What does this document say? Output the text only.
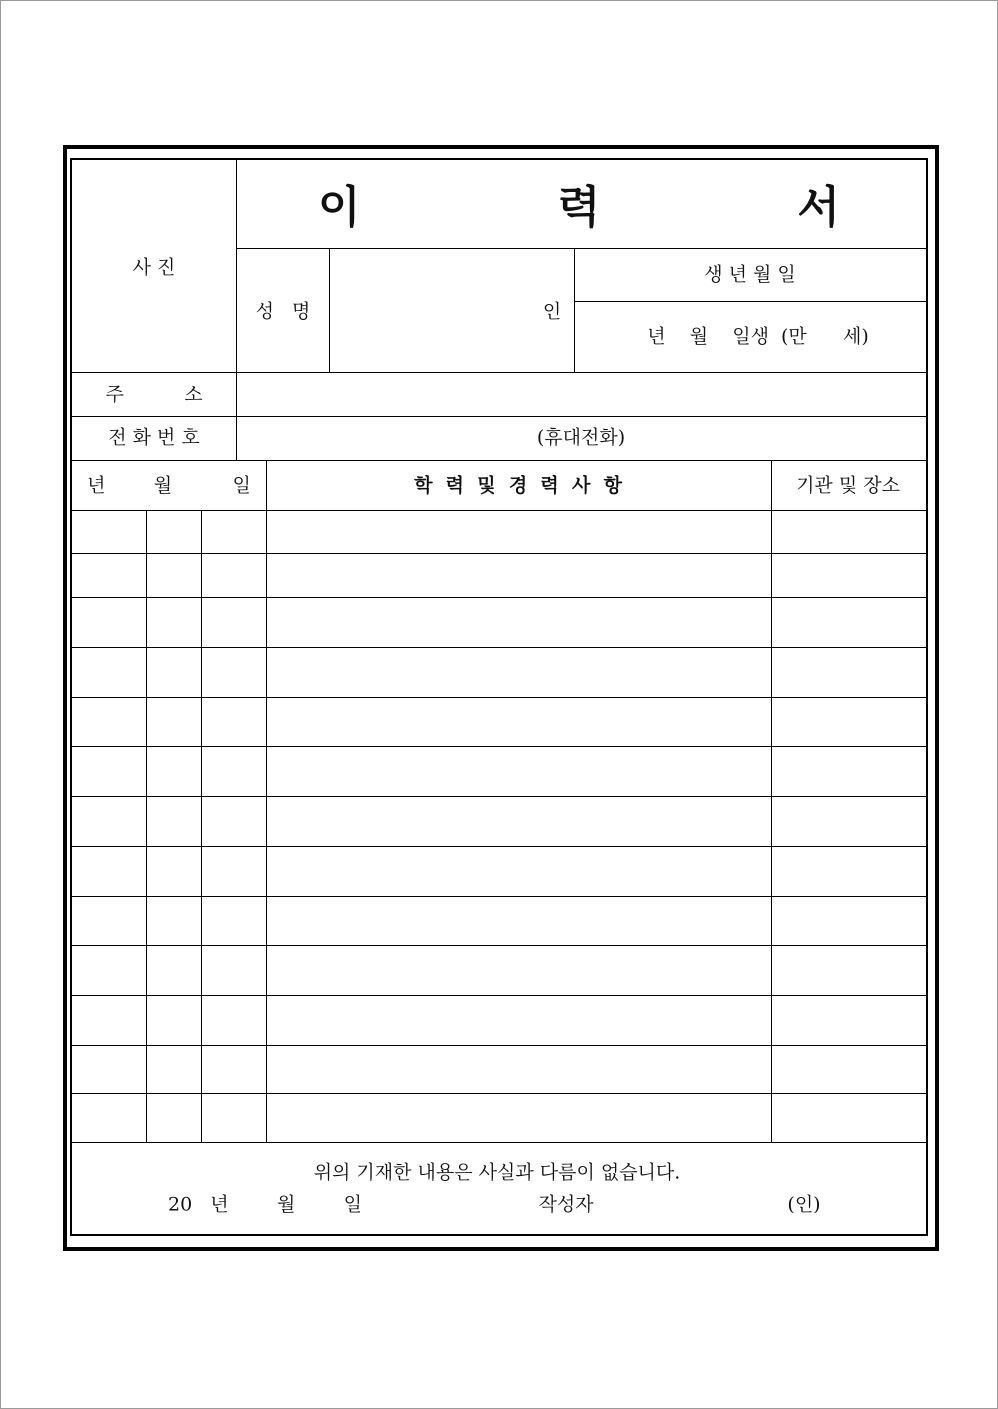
이          력          서
사 진
성   명	인
생 년 월 일
년    월    일생  (만      세)
주          소
전 화 번 호	(휴대전화)
년        월          일	학  력  및  경  력  사  항	기관 및 장소
위의 기재한 내용은 사실과 다름이 없습니다.
20   년        월        일	작성자	(인)
